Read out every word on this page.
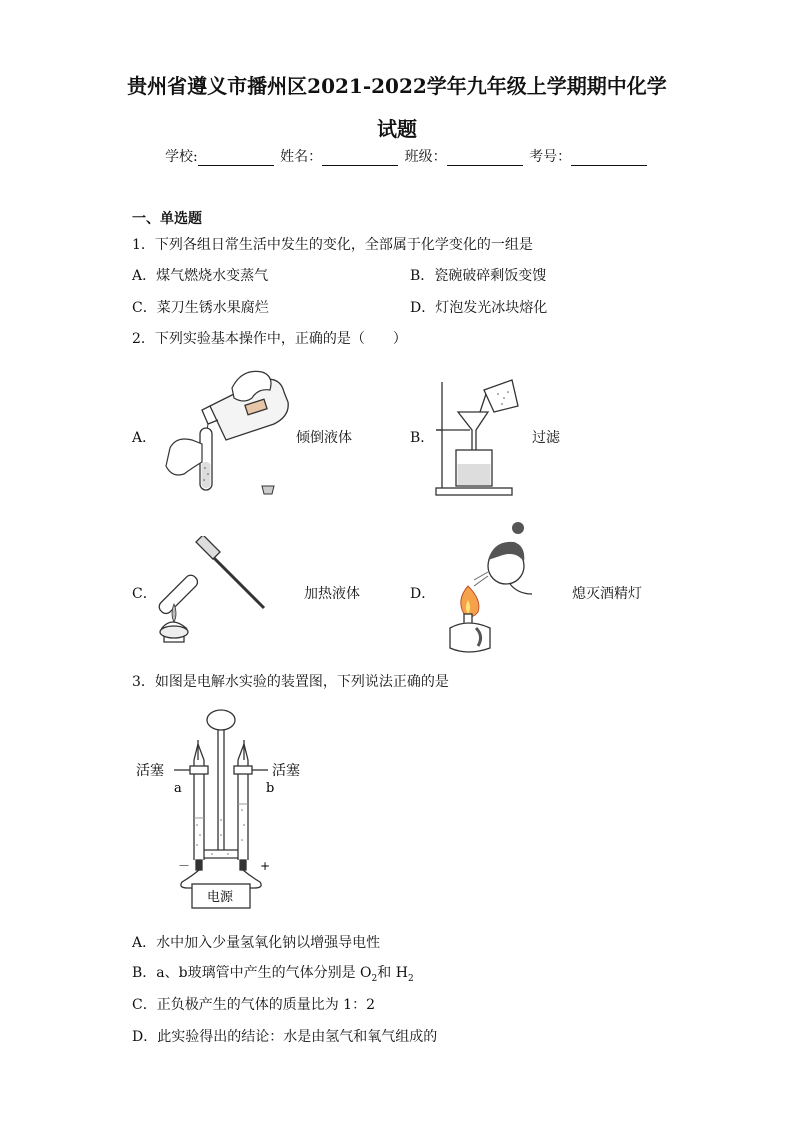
贵州省遵义市播州区2021-2022学年九年级上学期期中化学
试题
学校:	姓名：	班级：	考号：
一、单选题
1．下列各组日常生活中发生的变化，全部属于化学变化的一组是
A．煤气燃烧水变蒸气	B．瓷碗破碎剩饭变馊
C．菜刀生锈水果腐烂	D．灯泡发光冰块熔化
2．下列实验基本操作中，正确的是（　　）
A．	倾倒液体	B．	过滤
C．	加热液体	D．	熄灭酒精灯
3．如图是电解水实验的装置图，下列说法正确的是
活塞	活塞
a	b
－	+
电源
A．水中加入少量氢氧化钠以增强导电性
B．a、b玻璃管中产生的气体分别是 $O_2$和 $H_2$
C．正负极产生的气体的质量比为 1：2
D．此实验得出的结论：水是由氢气和氧气组成的
